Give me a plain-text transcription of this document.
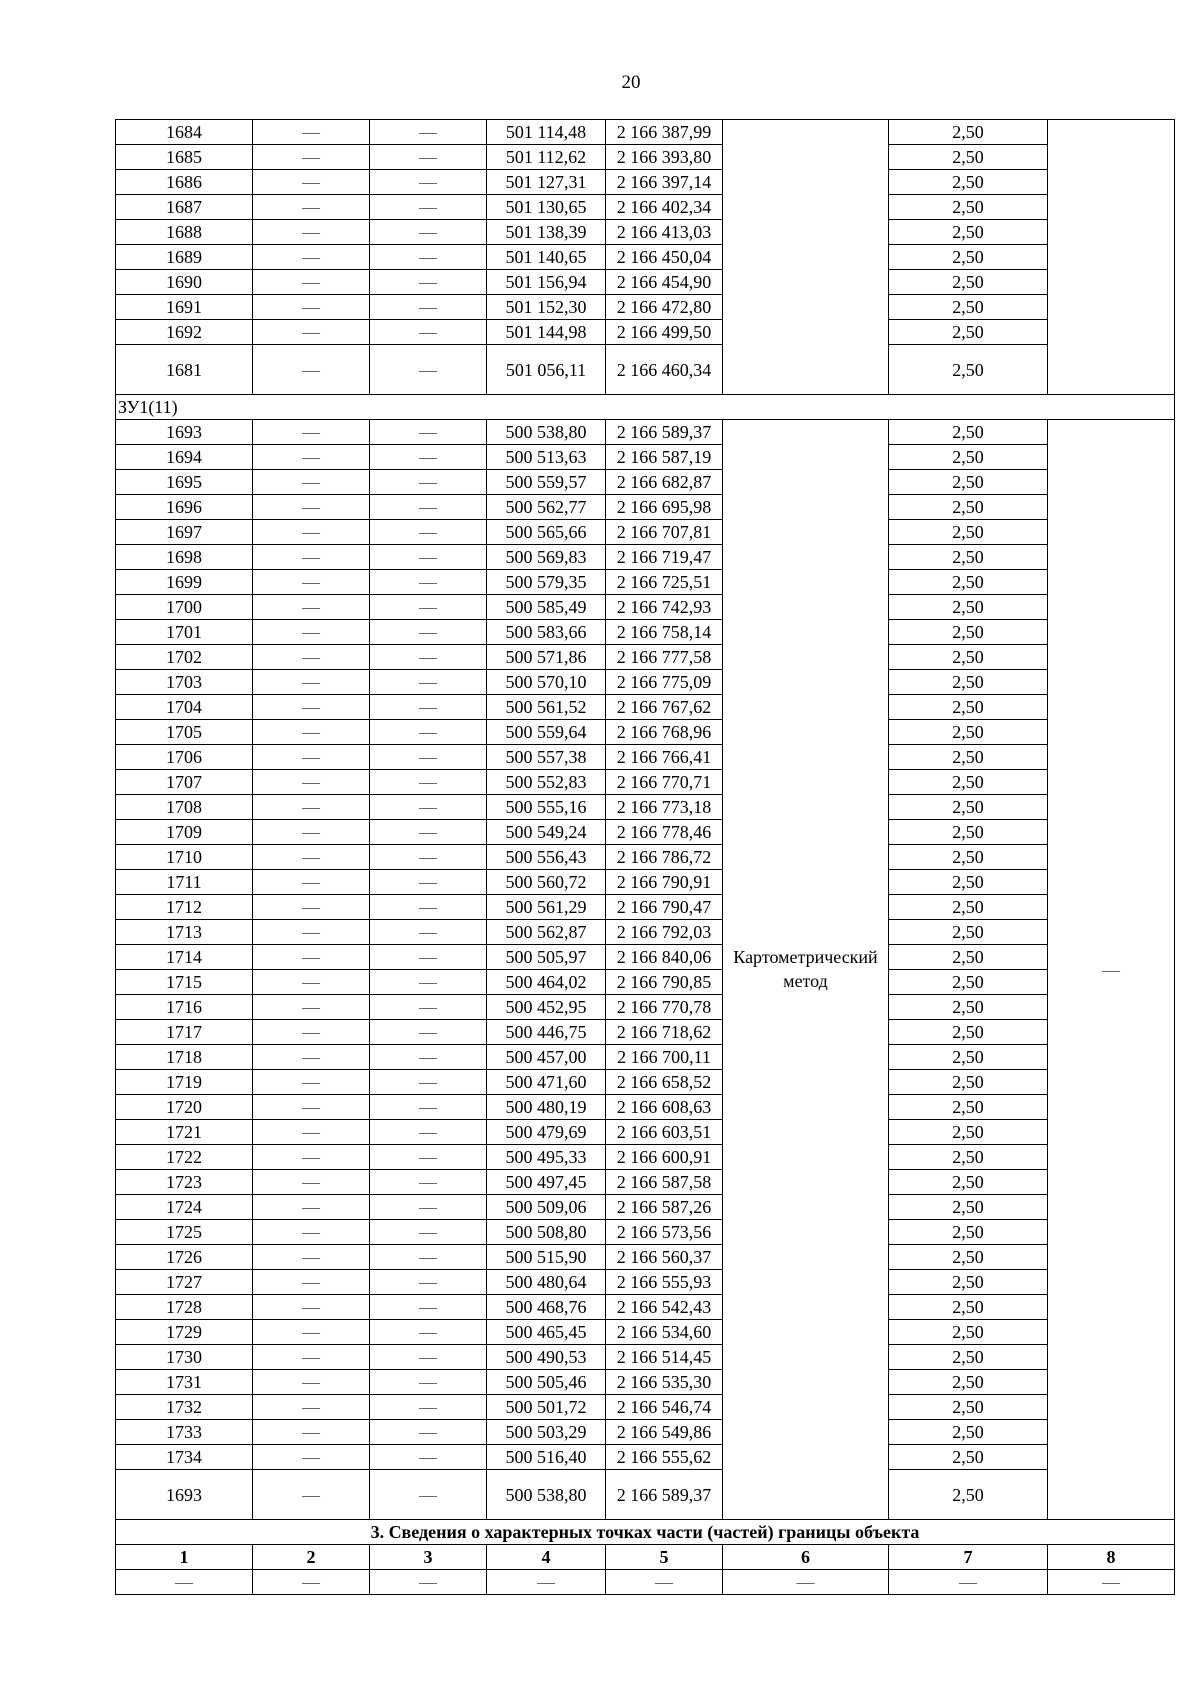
20
1684	—	—	501 114,48	2 166 387,99		2,50	
1685	—	—	501 112,62	2 166 393,80		2,50	
1686	—	—	501 127,31	2 166 397,14		2,50	
1687	—	—	501 130,65	2 166 402,34		2,50	
1688	—	—	501 138,39	2 166 413,03		2,50	
1689	—	—	501 140,65	2 166 450,04		2,50	
1690	—	—	501 156,94	2 166 454,90		2,50	
1691	—	—	501 152,30	2 166 472,80		2,50	
1692	—	—	501 144,98	2 166 499,50		2,50	
1681	—	—	501 056,11	2 166 460,34		2,50	
ЗУ1(11)							
1693	—	—	500 538,80	2 166 589,37	Картометрический метод	2,50	—
1694	—	—	500 513,63	2 166 587,19		2,50	
1695	—	—	500 559,57	2 166 682,87		2,50	
1696	—	—	500 562,77	2 166 695,98		2,50	
1697	—	—	500 565,66	2 166 707,81		2,50	
1698	—	—	500 569,83	2 166 719,47		2,50	
1699	—	—	500 579,35	2 166 725,51		2,50	
1700	—	—	500 585,49	2 166 742,93		2,50	
1701	—	—	500 583,66	2 166 758,14		2,50	
1702	—	—	500 571,86	2 166 777,58		2,50	
1703	—	—	500 570,10	2 166 775,09		2,50	
1704	—	—	500 561,52	2 166 767,62		2,50	
1705	—	—	500 559,64	2 166 768,96		2,50	
1706	—	—	500 557,38	2 166 766,41		2,50	
1707	—	—	500 552,83	2 166 770,71		2,50	
1708	—	—	500 555,16	2 166 773,18		2,50	
1709	—	—	500 549,24	2 166 778,46		2,50	
1710	—	—	500 556,43	2 166 786,72		2,50	
1711	—	—	500 560,72	2 166 790,91		2,50	
1712	—	—	500 561,29	2 166 790,47		2,50	
1713	—	—	500 562,87	2 166 792,03		2,50	
1714	—	—	500 505,97	2 166 840,06		2,50	
1715	—	—	500 464,02	2 166 790,85		2,50	
1716	—	—	500 452,95	2 166 770,78		2,50	
1717	—	—	500 446,75	2 166 718,62		2,50	
1718	—	—	500 457,00	2 166 700,11		2,50	
1719	—	—	500 471,60	2 166 658,52		2,50	
1720	—	—	500 480,19	2 166 608,63		2,50	
1721	—	—	500 479,69	2 166 603,51		2,50	
1722	—	—	500 495,33	2 166 600,91		2,50	
1723	—	—	500 497,45	2 166 587,58		2,50	
1724	—	—	500 509,06	2 166 587,26		2,50	
1725	—	—	500 508,80	2 166 573,56		2,50	
1726	—	—	500 515,90	2 166 560,37		2,50	
1727	—	—	500 480,64	2 166 555,93		2,50	
1728	—	—	500 468,76	2 166 542,43		2,50	
1729	—	—	500 465,45	2 166 534,60		2,50	
1730	—	—	500 490,53	2 166 514,45		2,50	
1731	—	—	500 505,46	2 166 535,30		2,50	
1732	—	—	500 501,72	2 166 546,74		2,50	
1733	—	—	500 503,29	2 166 549,86		2,50	
1734	—	—	500 516,40	2 166 555,62		2,50	
1693	—	—	500 538,80	2 166 589,37		2,50	
3. Сведения о характерных точках части (частей) границы объекта							
1	2	3	4	5	6	7	8
—	—	—	—	—	—	—	—
